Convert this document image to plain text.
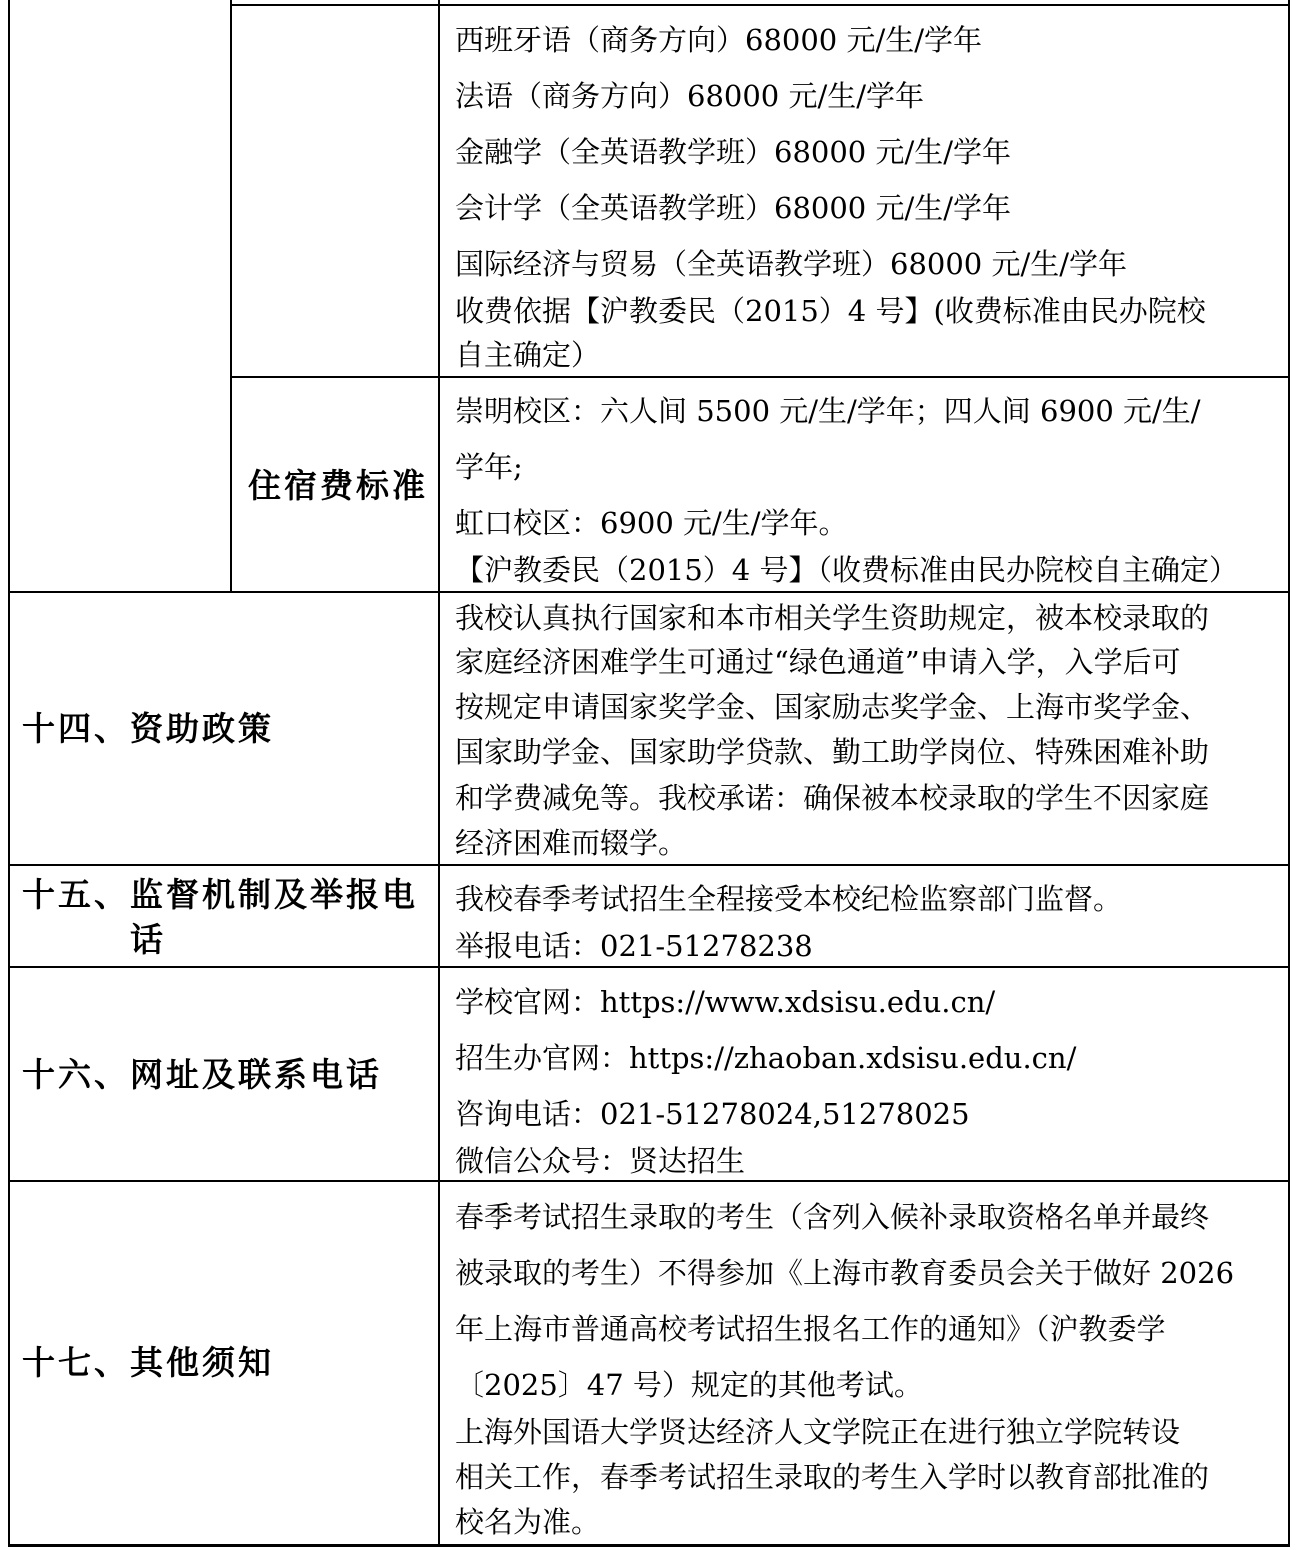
西班牙语（商务方向）68000 元/生/学年
法语（商务方向）68000 元/生/学年
金融学（全英语教学班）68000 元/生/学年
会计学（全英语教学班）68000 元/生/学年
国际经济与贸易（全英语教学班）68000 元/生/学年
收费依据【沪教委民（2015）4 号】(收费标准由民办院校
自主确定）
住宿费标准
崇明校区：六人间 5500 元/生/学年；四人间 6900 元/生/
学年;
虹口校区：6900 元/生/学年。
【沪教委民（2015）4 号】（收费标准由民办院校自主确定）
十四、资助政策
我校认真执行国家和本市相关学生资助规定，被本校录取的
家庭经济困难学生可通过“绿色通道”申请入学，入学后可
按规定申请国家奖学金、国家励志奖学金、上海市奖学金、
国家助学金、国家助学贷款、勤工助学岗位、特殊困难补助
和学费减免等。我校承诺：确保被本校录取的学生不因家庭
经济困难而辍学。
十五、监督机制及举报电
话
我校春季考试招生全程接受本校纪检监察部门监督。
举报电话：021-51278238
十六、网址及联系电话
学校官网：https://www.xdsisu.edu.cn/
招生办官网：https://zhaoban.xdsisu.edu.cn/
咨询电话：021-51278024,51278025
微信公众号：贤达招生
十七、其他须知
春季考试招生录取的考生（含列入候补录取资格名单并最终
被录取的考生）不得参加《上海市教育委员会关于做好 2026
年上海市普通高校考试招生报名工作的通知》（沪教委学
〔2025〕47 号）规定的其他考试。
上海外国语大学贤达经济人文学院正在进行独立学院转设
相关工作，春季考试招生录取的考生入学时以教育部批准的
校名为准。
